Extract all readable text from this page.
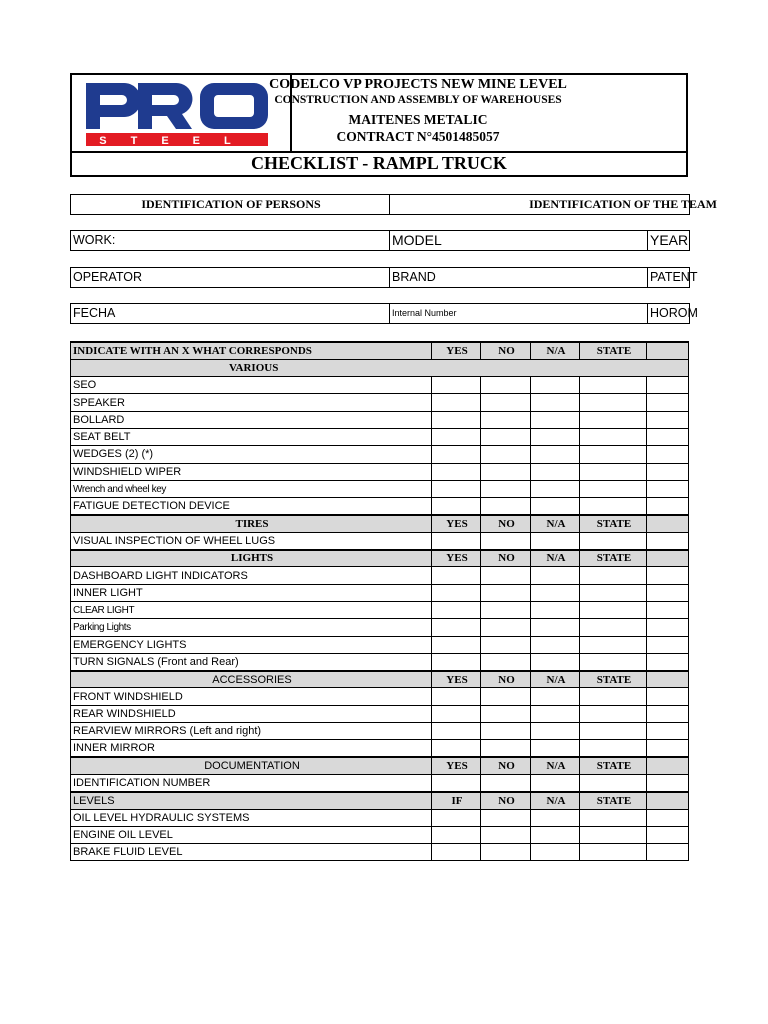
STEEL
CODELCO VP PROJECTS NEW MINE LEVEL
CONSTRUCTION AND ASSEMBLY OF WAREHOUSES
MAITENES METALIC
CONTRACT N°4501485057
CHECKLIST - RAMPL TRUCK
IDENTIFICATION OF PERSONS	IDENTIFICATION OF THE TEAM
WORK:	MODEL	YEAR
OPERATOR	BRAND	PATENT
FECHA	Internal Number	HOROM
INDICATE WITH AN X WHAT CORRESPONDS	YES	NO	N/A	STATE	
VARIOUS					
SEO					
SPEAKER					
BOLLARD					
SEAT BELT					
WEDGES (2) (*)					
WINDSHIELD WIPER					
Wrench and wheel key					
FATIGUE DETECTION DEVICE					
TIRES	YES	NO	N/A	STATE	
VISUAL INSPECTION OF WHEEL LUGS					
LIGHTS	YES	NO	N/A	STATE	
DASHBOARD LIGHT INDICATORS					
INNER LIGHT					
CLEAR LIGHT					
Parking Lights					
EMERGENCY LIGHTS					
TURN SIGNALS (Front and Rear)					
ACCESSORIES	YES	NO	N/A	STATE	
FRONT WINDSHIELD					
REAR WINDSHIELD					
REARVIEW MIRRORS (Left and right)					
INNER MIRROR					
DOCUMENTATION	YES	NO	N/A	STATE	
IDENTIFICATION NUMBER					
LEVELS	IF	NO	N/A	STATE	
OIL LEVEL HYDRAULIC SYSTEMS					
ENGINE OIL LEVEL					
BRAKE FLUID LEVEL					
